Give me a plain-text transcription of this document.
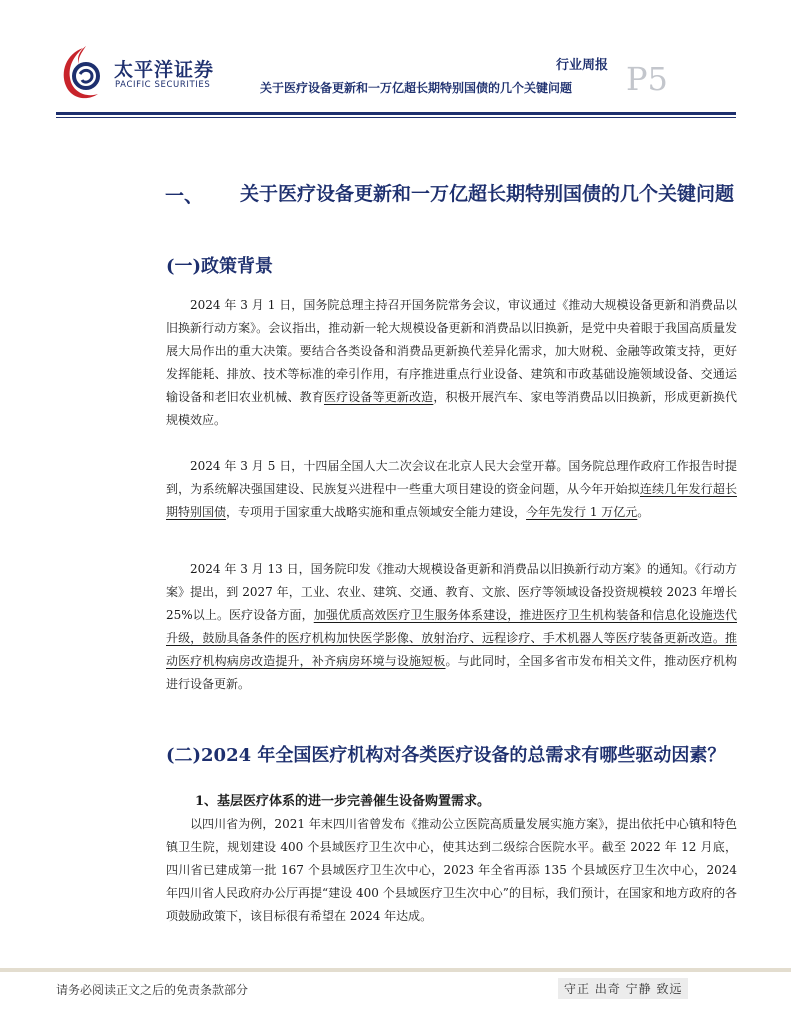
太平洋证券
PACIFIC SECURITIES
行业周报
关于医疗设备更新和一万亿超长期特别国债的几个关键问题 P5
一、 关于医疗设备更新和一万亿超长期特别国债的几个关键问题
(一)政策背景
2024 年 3 月 1 日，国务院总理主持召开国务院常务会议，审议通过《推动大规模设备更新和消费品以旧换新行动方案》。会议指出，推动新一轮大规模设备更新和消费品以旧换新，是党中央着眼于我国高质量发展大局作出的重大决策。要结合各类设备和消费品更新换代差异化需求，加大财税、金融等政策支持，更好发挥能耗、排放、技术等标准的牵引作用，有序推进重点行业设备、建筑和市政基础设施领域设备、交通运输设备和老旧农业机械、教育医疗设备等更新改造，积极开展汽车、家电等消费品以旧换新，形成更新换代规模效应。
2024 年 3 月 5 日，十四届全国人大二次会议在北京人民大会堂开幕。国务院总理作政府工作报告时提到，为系统解决强国建设、民族复兴进程中一些重大项目建设的资金问题，从今年开始拟连续几年发行超长期特别国债，专项用于国家重大战略实施和重点领域安全能力建设，今年先发行 1 万亿元。
2024 年 3 月 13 日，国务院印发《推动大规模设备更新和消费品以旧换新行动方案》的通知。《行动方案》提出，到 2027 年，工业、农业、建筑、交通、教育、文旅、医疗等领域设备投资规模较 2023 年增长 25%以上。医疗设备方面，加强优质高效医疗卫生服务体系建设，推进医疗卫生机构装备和信息化设施迭代升级，鼓励具备条件的医疗机构加快医学影像、放射治疗、远程诊疗、手术机器人等医疗装备更新改造。推动医疗机构病房改造提升，补齐病房环境与设施短板。与此同时，全国多省市发布相关文件，推动医疗机构进行设备更新。
(二)2024 年全国医疗机构对各类医疗设备的总需求有哪些驱动因素？
1、基层医疗体系的进一步完善催生设备购置需求。
以四川省为例，2021 年末四川省曾发布《推动公立医院高质量发展实施方案》，提出依托中心镇和特色镇卫生院，规划建设 400 个县域医疗卫生次中心，使其达到二级综合医院水平。截至 2022 年 12 月底，四川省已建成第一批 167 个县域医疗卫生次中心，2023 年全省再添 135 个县域医疗卫生次中心，2024 年四川省人民政府办公厅再提“建设 400 个县域医疗卫生次中心”的目标，我们预计，在国家和地方政府的各项鼓励政策下，该目标很有希望在 2024 年达成。
请务必阅读正文之后的免责条款部分	守正 出奇 宁静 致远
